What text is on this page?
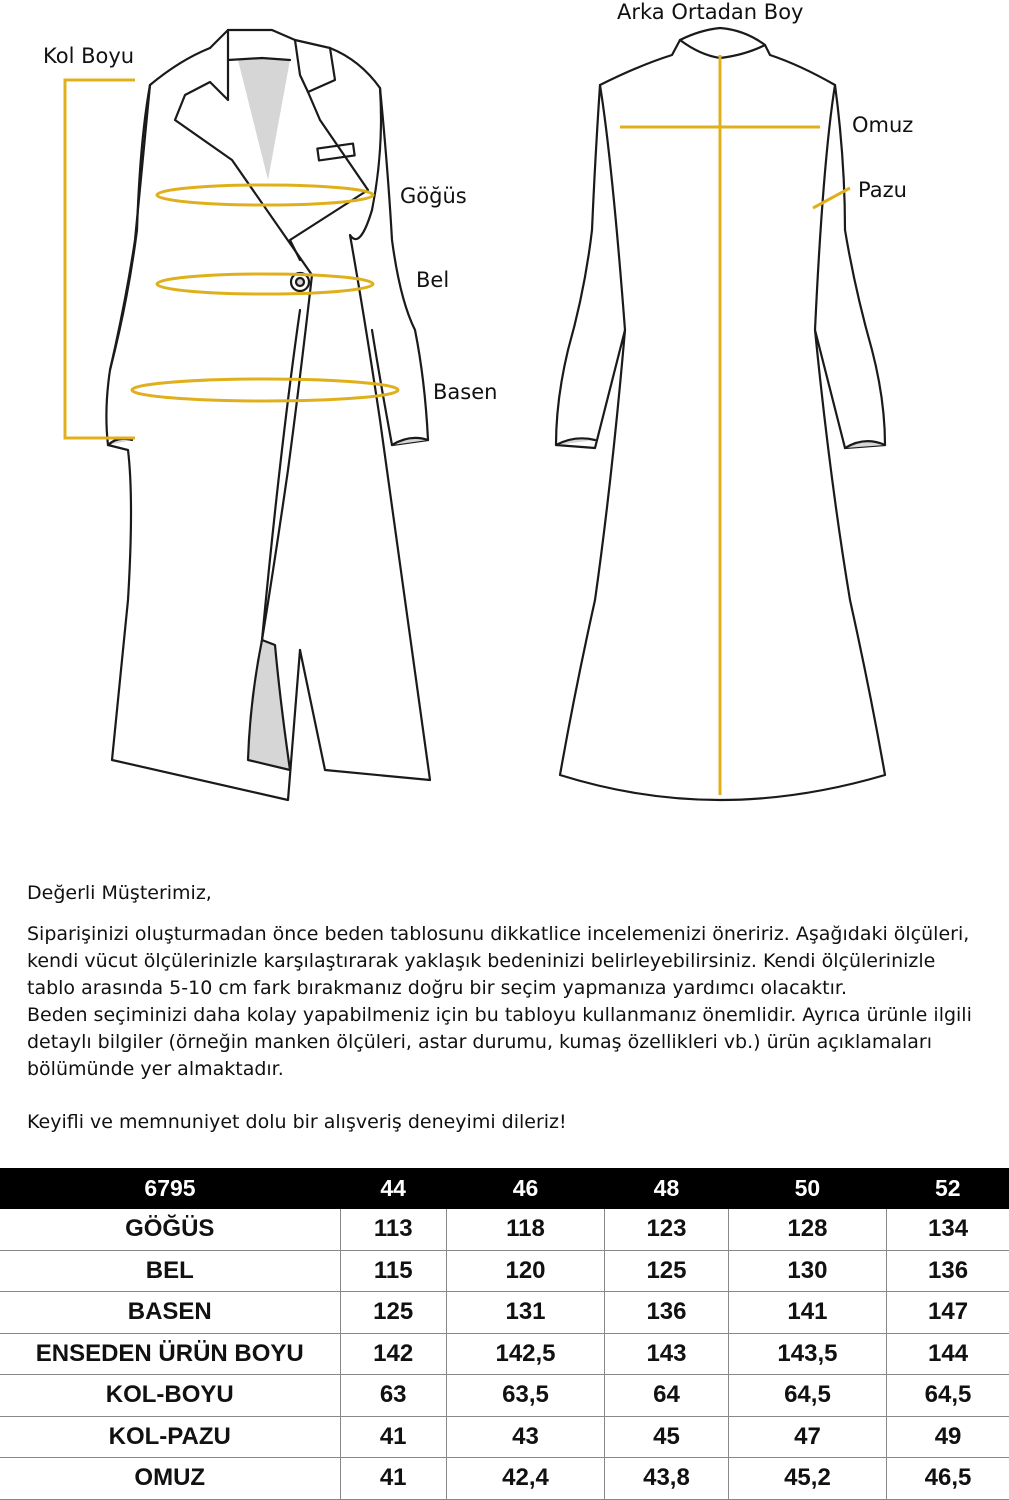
Kol Boyu
Arka Ortadan Boy
Omuz
Pazu
Göğüs
Bel
Basen

Değerli Müşterimiz,

Siparişinizi oluşturmadan önce beden tablosunu dikkatlice incelemenizi öneririz. Aşağıdaki ölçüleri, kendi vücut ölçülerinizle karşılaştırarak yaklaşık bedeninizi belirleyebilirsiniz. Kendi ölçülerinizle tablo arasında 5-10 cm fark bırakmanız doğru bir seçim yapmanıza yardımcı olacaktır.

Beden seçiminizi daha kolay yapabilmeniz için bu tabloyu kullanmanız önemlidir. Ayrıca ürünle ilgili detaylı bilgiler (örneğin manken ölçüleri, astar durumu, kumaş özellikleri vb.) ürün açıklamaları bölümünde yer almaktadır.

Keyifli ve memnuniyet dolu bir alışveriş deneyimi dileriz!

6795	44	46	48	50	52
GÖĞÜS	113	118	123	128	134
BEL	115	120	125	130	136
BASEN	125	131	136	141	147
ENSEDEN ÜRÜN BOYU	142	142,5	143	143,5	144
KOL-BOYU	63	63,5	64	64,5	64,5
KOL-PAZU	41	43	45	47	49
OMUZ	41	42,4	43,8	45,2	46,5
